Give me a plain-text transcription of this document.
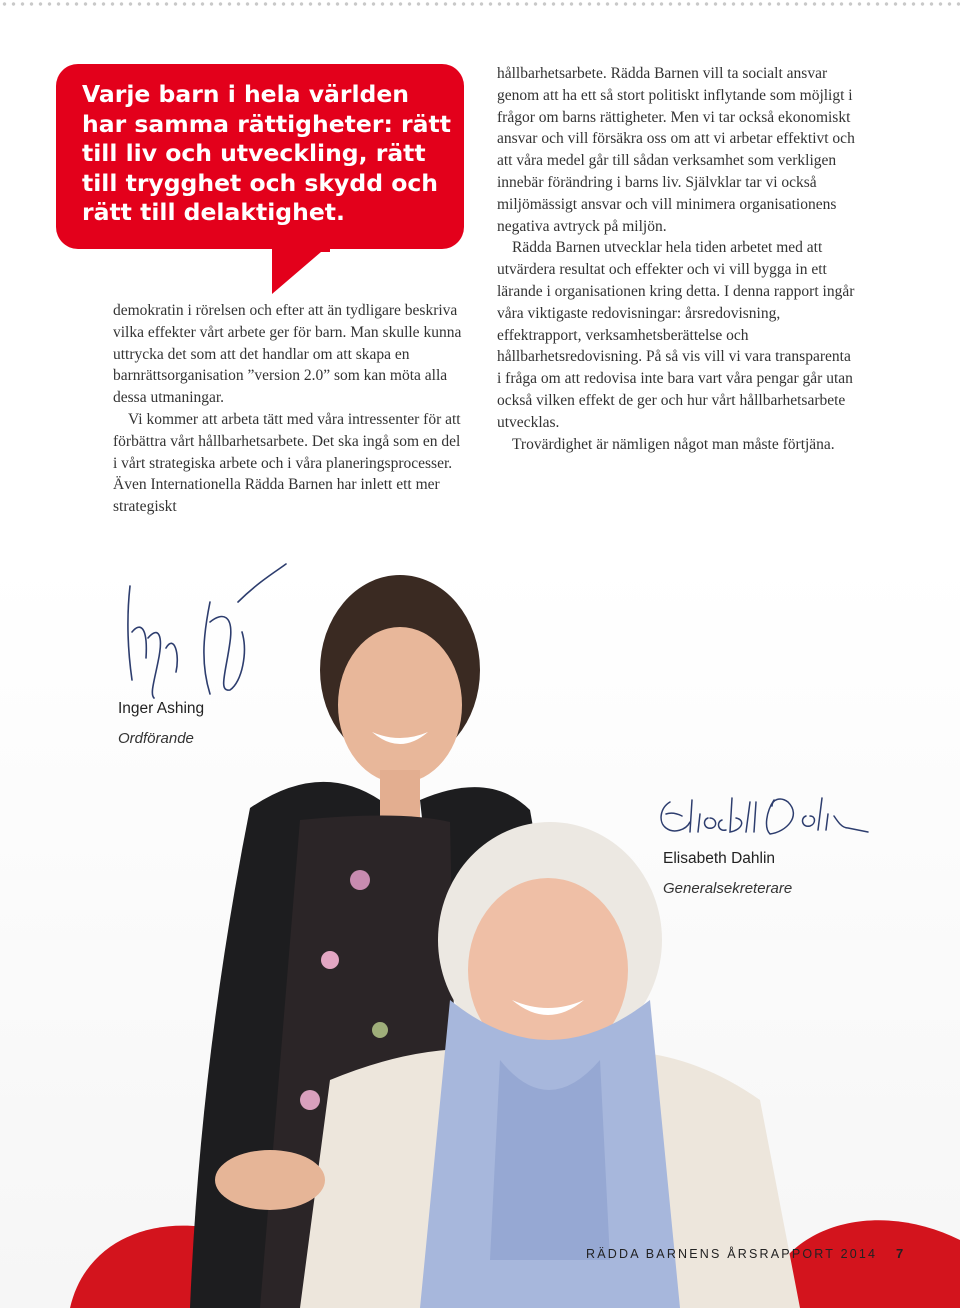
Varje barn i hela världen har samma rättigheter: rätt till liv och utveckling, rätt till trygghet och skydd och rätt till delaktighet.

demokratin i rörelsen och efter att än tydligare beskriva vilka effekter vårt arbete ger för barn. Man skulle kunna uttrycka det som att det handlar om att skapa en barnrättsorganisation ”version 2.0” som kan möta alla dessa utmaningar.

Vi kommer att arbeta tätt med våra intressenter för att förbättra vårt hållbarhetsarbete. Det ska ingå som en del i vårt strategiska arbete och i våra planeringsprocesser. Även Internationella Rädda Barnen har inlett ett mer strategiskt

hållbarhetsarbete. Rädda Barnen vill ta socialt ansvar genom att ha ett så stort politiskt inflytande som möjligt i frågor om barns rättigheter. Men vi tar också ekonomiskt ansvar och vill försäkra oss om att vi arbetar effektivt och att våra medel går till sådan verksamhet som verkligen innebär förändring i barns liv. Självklar tar vi också miljömässigt ansvar och vill minimera organisationens negativa avtryck på miljön.

Rädda Barnen utvecklar hela tiden arbetet med att utvärdera resultat och effekter och vi vill bygga in ett lärande i organisationen kring detta. I denna rapport ingår våra viktigaste redovisningar: årsredovisning, effektrapport, verksamhetsberättelse och hållbarhetsredovisning. På så vis vill vi vara transparenta i fråga om att redovisa inte bara vart våra pengar går utan också vilken effekt de ger och hur vårt hållbarhetsarbete utvecklas.

Trovärdighet är nämligen något man måste förtjäna.

Inger Ashing
Ordförande
Elisabeth Dahlin
Generalsekreterare
RÄDDA BARNENS ÅRSRAPPORT 2014 7
